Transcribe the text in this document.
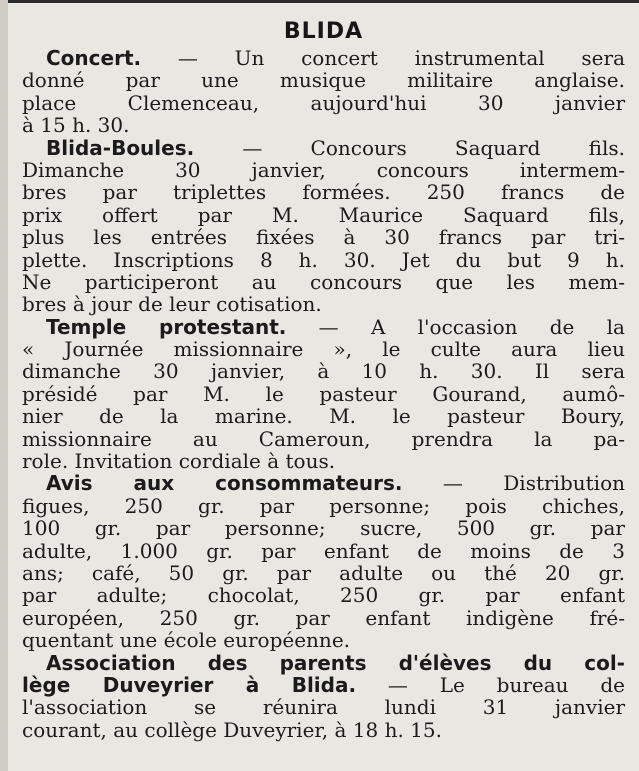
BLIDA
Concert. — Un concert instrumental sera
donné par une musique militaire anglaise.
place Clemenceau, aujourd'hui 30 janvier
à 15 h. 30.
Blida-Boules. — Concours Saquard fils.
Dimanche 30 janvier, concours intermem-
bres par triplettes formées. 250 francs de
prix offert par M. Maurice Saquard fils,
plus les entrées fixées à 30 francs par tri-
plette. Inscriptions 8 h. 30. Jet du but 9 h.
Ne participeront au concours que les mem-
bres à jour de leur cotisation.
Temple protestant. — A l'occasion de la
« Journée missionnaire », le culte aura lieu
dimanche 30 janvier, à 10 h. 30. Il sera
présidé par M. le pasteur Gourand, aumô-
nier de la marine. M. le pasteur Boury,
missionnaire au Cameroun, prendra la pa-
role. Invitation cordiale à tous.
Avis aux consommateurs. — Distribution
figues, 250 gr. par personne; pois chiches,
100 gr. par personne; sucre, 500 gr. par
adulte, 1.000 gr. par enfant de moins de 3
ans; café, 50 gr. par adulte ou thé 20 gr.
par adulte; chocolat, 250 gr. par enfant
européen, 250 gr. par enfant indigène fré-
quentant une école européenne.
Association des parents d'élèves du col-
lège Duveyrier à Blida. — Le bureau de
l'association se réunira lundi 31 janvier
courant, au collège Duveyrier, à 18 h. 15.
